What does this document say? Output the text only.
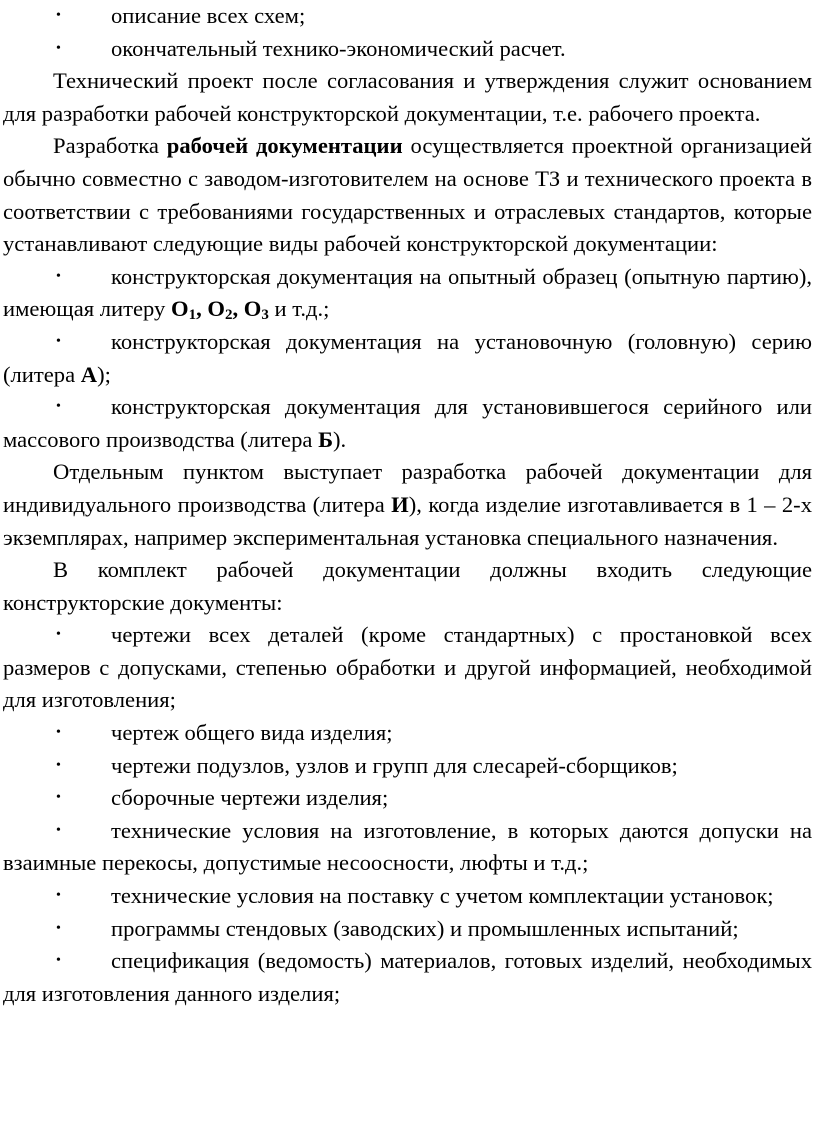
• описание всех схем;

• окончательный технико-экономический расчет.

Технический проект после согласования и утверждения служит основанием для разработки рабочей конструкторской документации, т.е. рабочего проекта.

Разработка рабочей документации осуществляется проектной организацией обычно совместно с заводом-изготовителем на основе ТЗ и технического проекта в соответствии с требованиями государственных и отраслевых стандартов, которые устанавливают следующие виды рабочей конструкторской документации:

• конструкторская документация на опытный образец (опытную партию), имеющая литеру $О_1$, $О_2$, $О_3$ и т.д.;

• конструкторская документация на установочную (головную) серию (литера А);

• конструкторская документация для установившегося серийного или массового производства (литера Б).

Отдельным пунктом выступает разработка рабочей документации для индивидуального производства (литера И), когда изделие изготавливается в 1 – 2-х экземплярах, например экспериментальная установка специального назначения.

В комплект рабочей документации должны входить следующие конструкторские документы:

• чертежи всех деталей (кроме стандартных) с простановкой всех размеров с допусками, степенью обработки и другой информацией, необходимой для изготовления;

• чертеж общего вида изделия;

• чертежи подузлов, узлов и групп для слесарей-сборщиков;

• сборочные чертежи изделия;

• технические условия на изготовление, в которых даются допуски на взаимные перекосы, допустимые несоосности, люфты и т.д.;

• технические условия на поставку с учетом комплектации установок;

• программы стендовых (заводских) и промышленных испытаний;

• спецификация (ведомость) материалов, готовых изделий, необходимых для изготовления данного изделия;
